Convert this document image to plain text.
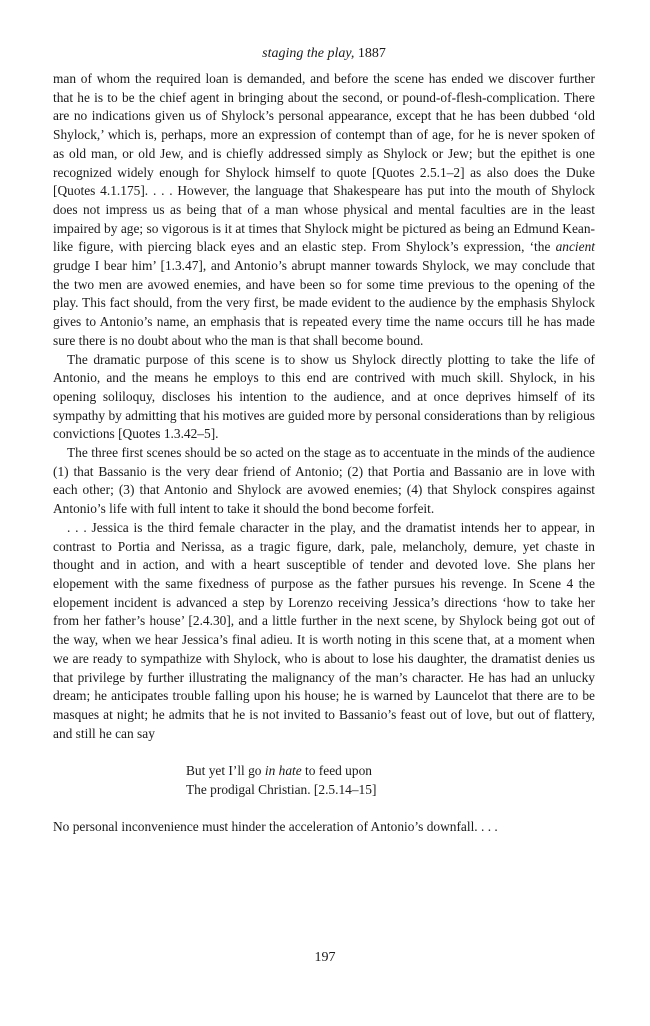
staging the play, 1887

man of whom the required loan is demanded, and before the scene has ended we discover further that he is to be the chief agent in bringing about the second, or pound-of-flesh-complication. There are no indications given us of Shylock’s personal appearance, except that he has been dubbed ‘old Shylock,’ which is, perhaps, more an expression of contempt than of age, for he is never spoken of as old man, or old Jew, and is chiefly addressed simply as Shylock or Jew; but the epithet is one recognized widely enough for Shylock himself to quote [Quotes 2.5.1–2] as also does the Duke [Quotes 4.1.175]. . . . However, the language that Shakespeare has put into the mouth of Shylock does not impress us as being that of a man whose physical and mental faculties are in the least impaired by age; so vigorous is it at times that Shylock might be pictured as being an Edmund Kean-like figure, with piercing black eyes and an elastic step. From Shylock’s expression, ‘the ancient grudge I bear him’ [1.3.47], and Antonio’s abrupt manner towards Shylock, we may conclude that the two men are avowed enemies, and have been so for some time previous to the opening of the play. This fact should, from the very first, be made evident to the audience by the emphasis Shylock gives to Antonio’s name, an emphasis that is repeated every time the name occurs till he has made sure there is no doubt about who the man is that shall become bound.

The dramatic purpose of this scene is to show us Shylock directly plotting to take the life of Antonio, and the means he employs to this end are contrived with much skill. Shylock, in his opening soliloquy, discloses his intention to the audience, and at once deprives himself of its sympathy by admitting that his motives are guided more by personal considerations than by religious convictions [Quotes 1.3.42–5].

The three first scenes should be so acted on the stage as to accentuate in the minds of the audience (1) that Bassanio is the very dear friend of Antonio; (2) that Portia and Bassanio are in love with each other; (3) that Antonio and Shylock are avowed enemies; (4) that Shylock conspires against Antonio’s life with full intent to take it should the bond become forfeit.

. . . Jessica is the third female character in the play, and the dramatist intends her to appear, in contrast to Portia and Nerissa, as a tragic figure, dark, pale, melancholy, demure, yet chaste in thought and in action, and with a heart susceptible of tender and devoted love. She plans her elopement with the same fixedness of purpose as the father pursues his revenge. In Scene 4 the elopement incident is advanced a step by Lorenzo receiving Jessica’s directions ‘how to take her from her father’s house’ [2.4.30], and a little further in the next scene, by Shylock being got out of the way, when we hear Jessica’s final adieu. It is worth noting in this scene that, at a moment when we are ready to sympathize with Shylock, who is about to lose his daughter, the dramatist denies us that privilege by further illustrating the malignancy of the man’s character. He has had an unlucky dream; he anticipates trouble falling upon his house; he is warned by Launcelot that there are to be masques at night; he admits that he is not invited to Bassanio’s feast out of love, but out of flattery, and still he can say

But yet I’ll go in hate to feed upon
The prodigal Christian. [2.5.14–15]

No personal inconvenience must hinder the acceleration of Antonio’s downfall. . . .

197
